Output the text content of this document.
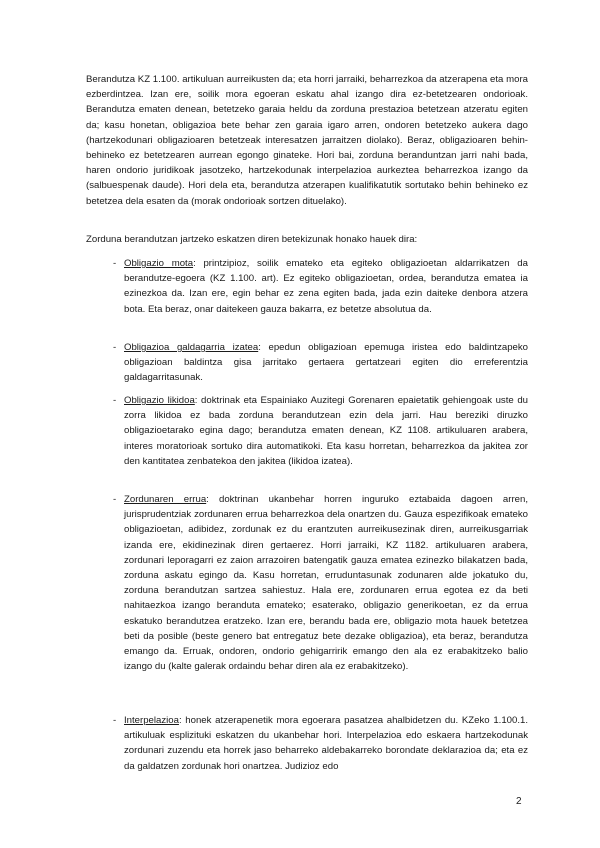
Berandutza KZ 1.100. artikuluan aurreikusten da; eta horri jarraiki, beharrezkoa da atzerapena eta mora ezberdintzea. Izan ere, soilik mora egoeran eskatu ahal izango dira ez-betetzearen ondorioak. Berandutza ematen denean, betetzeko garaia heldu da zorduna prestazioa betetzean atzeratu egiten da; kasu honetan, obligazioa bete behar zen garaia igaro arren, ondoren betetzeko aukera dago (hartzekodunari obligazioaren betetzeak interesatzen jarraitzen diolako). Beraz, obligazioaren behin-behineko ez betetzearen aurrean egongo ginateke. Hori bai, zorduna beranduntzan jarri nahi bada, haren ondorio juridikoak jasotzeko, hartzekodunak interpelazioa aurkeztea beharrezkoa izango da (salbuespenak daude). Hori dela eta, berandutza atzerapen kualifikatutik sortutako behin behineko ez betetzea dela esaten da (morak ondorioak sortzen dituelako).

Zorduna berandutzan jartzeko eskatzen diren betekizunak honako hauek dira:

- Obligazio mota: printzipioz, soilik emateko eta egiteko obligazioetan aldarrikatzen da berandutze-egoera (KZ 1.100. art). Ez egiteko obligazioetan, ordea, berandutza ematea ia ezinezkoa da. Izan ere, egin behar ez zena egiten bada, jada ezin daiteke denbora atzera bota. Eta beraz, onar daitekeen gauza bakarra, ez betetze absolutua da.

- Obligazioa galdagarria izatea: epedun obligazioan epemuga iristea edo baldintzapeko obligazioan baldintza gisa jarritako gertaera gertatzeari egiten dio erreferentzia galdagarritasunak.

- Obligazio likidoa: doktrinak eta Espainiako Auzitegi Gorenaren epaietatik gehiengoak uste du zorra likidoa ez bada zorduna berandutzean ezin dela jarri. Hau bereziki diruzko obligazioetarako egina dago; berandutza ematen denean, KZ 1108. artikuluaren arabera, interes moratorioak sortuko dira automatikoki. Eta kasu horretan, beharrezkoa da jakitea zor den kantitatea zenbatekoa den jakitea (likidoa izatea).

- Zordunaren errua: doktrinan ukanbehar horren inguruko eztabaida dagoen arren, jurisprudentziak zordunaren errua beharrezkoa dela onartzen du. Gauza espezifikoak emateko obligazioetan, adibidez, zordunak ez du erantzuten aurreikusezinak diren, aurreikusgarriak izanda ere, ekidinezinak diren gertaerez. Horri jarraiki, KZ 1182. artikuluaren arabera, zordunari leporagarri ez zaion arrazoiren batengatik gauza ematea ezinezko bilakatzen bada, zorduna askatu egingo da. Kasu horretan, erruduntasunak zodunaren alde jokatuko du, zorduna berandutzan sartzea sahiestuz. Hala ere, zordunaren errua egotea ez da beti nahitaezkoa izango beranduta emateko; esaterako, obligazio generikoetan, ez da errua eskatuko berandutzea eratzeko. Izan ere, berandu bada ere, obligazio mota hauek betetzea beti da posible (beste genero bat entregatuz bete dezake obligazioa), eta beraz, berandutza emango da. Erruak, ondoren, ondorio gehigarririk emango den ala ez erabakitzeko balio izango du (kalte galerak ordaindu behar diren ala ez erabakitzeko).

- Interpelazioa: honek atzerapenetik mora egoerara pasatzea ahalbidetzen du. KZeko 1.100.1. artikuluak esplizituki eskatzen du ukanbehar hori. Interpelazioa edo eskaera hartzekodunak zordunari zuzendu eta horrek jaso beharreko aldebakarreko borondate deklarazioa da; eta ez da galdatzen zordunak hori onartzea. Judizioz edo

2
